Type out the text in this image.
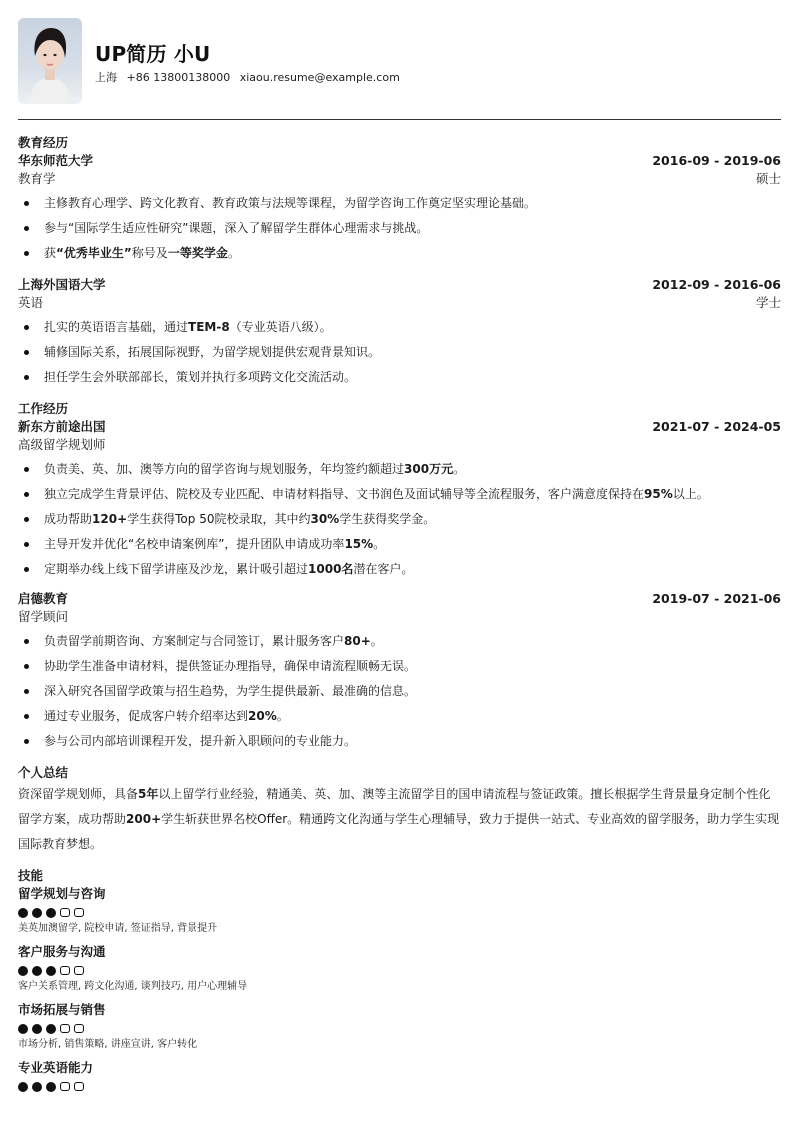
UP简历 小U
上海 +86 13800138000 xiaou.resume@example.com
教育经历
华东师范大学	2016-09 - 2019-06
教育学	硕士
主修教育心理学、跨文化教育、教育政策与法规等课程，为留学咨询工作奠定坚实理论基础。
参与“国际学生适应性研究”课题，深入了解留学生群体心理需求与挑战。
获“优秀毕业生”称号及一等奖学金。
上海外国语大学	2012-09 - 2016-06
英语	学士
扎实的英语语言基础，通过TEM-8（专业英语八级）。
辅修国际关系，拓展国际视野，为留学规划提供宏观背景知识。
担任学生会外联部部长，策划并执行多项跨文化交流活动。
工作经历
新东方前途出国	2021-07 - 2024-05
高级留学规划师
负责美、英、加、澳等方向的留学咨询与规划服务，年均签约额超过300万元。
独立完成学生背景评估、院校及专业匹配、申请材料指导、文书润色及面试辅导等全流程服务，客户满意度保持在95%以上。
成功帮助120+学生获得Top 50院校录取，其中约30%学生获得奖学金。
主导开发并优化“名校申请案例库”，提升团队申请成功率15%。
定期举办线上线下留学讲座及沙龙，累计吸引超过1000名潜在客户。
启德教育	2019-07 - 2021-06
留学顾问
负责留学前期咨询、方案制定与合同签订，累计服务客户80+。
协助学生准备申请材料，提供签证办理指导，确保申请流程顺畅无误。
深入研究各国留学政策与招生趋势，为学生提供最新、最准确的信息。
通过专业服务，促成客户转介绍率达到20%。
参与公司内部培训课程开发，提升新入职顾问的专业能力。
个人总结

资深留学规划师，具备5年以上留学行业经验，精通美、英、加、澳等主流留学目的国申请流程与签证政策。擅长根据学生背景量身定制个性化留学方案，成功帮助200+学生斩获世界名校Offer。精通跨文化沟通与学生心理辅导，致力于提供一站式、专业高效的留学服务，助力学生实现国际教育梦想。

技能
留学规划与咨询
美英加澳留学, 院校申请, 签证指导, 背景提升
客户服务与沟通
客户关系管理, 跨文化沟通, 谈判技巧, 用户心理辅导
市场拓展与销售
市场分析, 销售策略, 讲座宣讲, 客户转化
专业英语能力
